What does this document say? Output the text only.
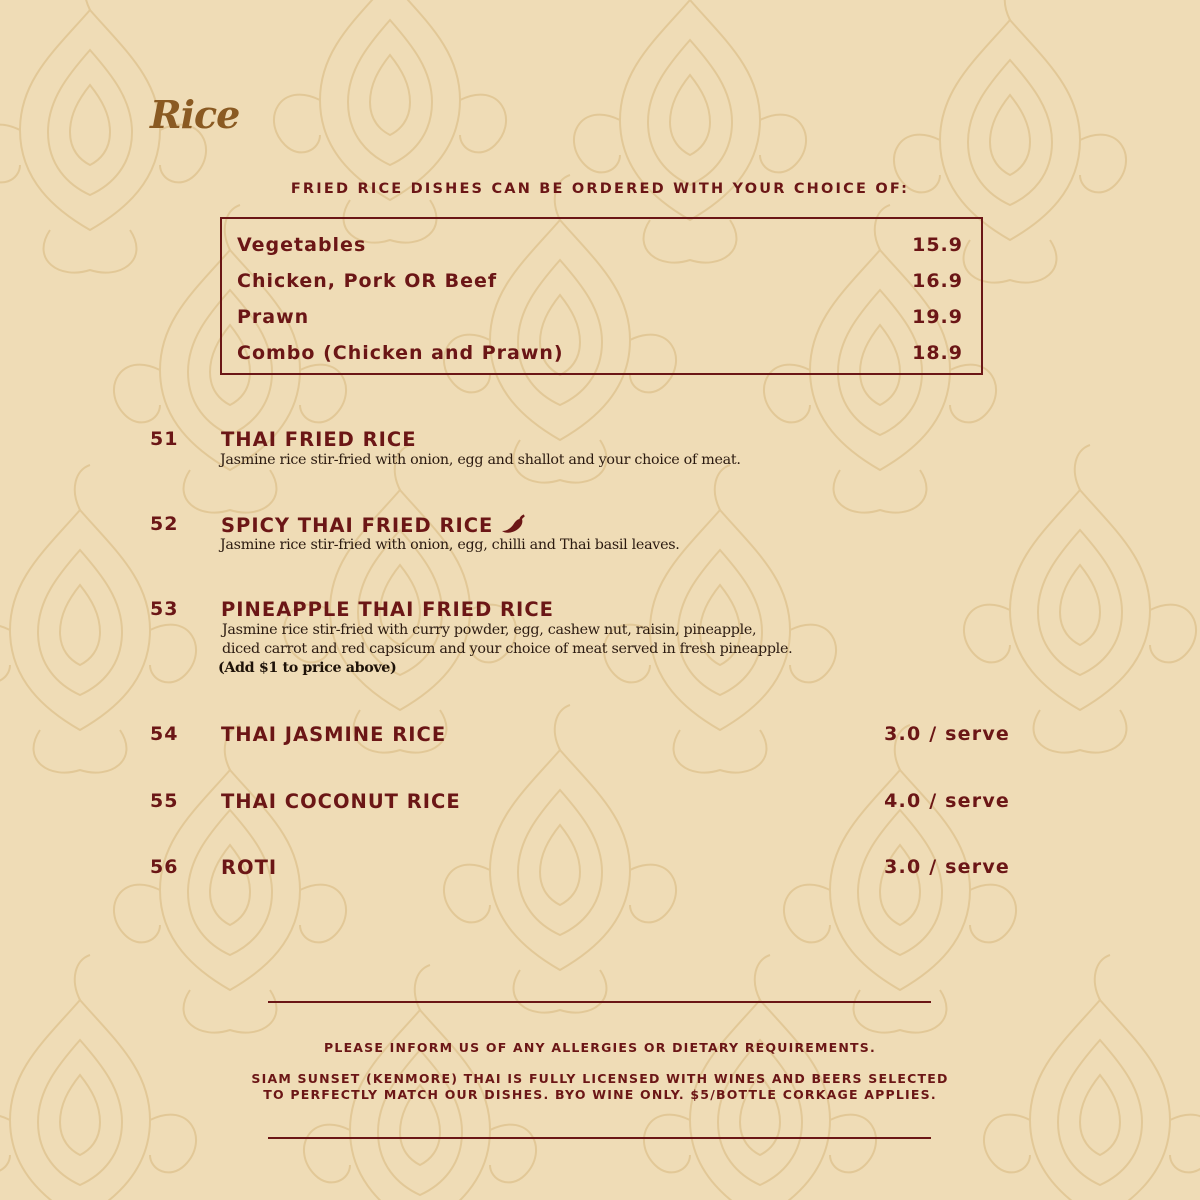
Rice
FRIED RICE DISHES CAN BE ORDERED WITH YOUR CHOICE OF:
Vegetables	15.9
Chicken, Pork OR Beef	16.9
Prawn	19.9
Combo (Chicken and Prawn)	18.9
51 THAI FRIED RICE
Jasmine rice stir-fried with onion, egg and shallot and your choice of meat.
52 SPICY THAI FRIED RICE
Jasmine rice stir-fried with onion, egg, chilli and Thai basil leaves.
53 PINEAPPLE THAI FRIED RICE
Jasmine rice stir-fried with curry powder, egg, cashew nut, raisin, pineapple,
diced carrot and red capsicum and your choice of meat served in fresh pineapple.
(Add $1 to price above)
54 THAI JASMINE RICE	3.0 / serve
55 THAI COCONUT RICE	4.0 / serve
56 ROTI	3.0 / serve
PLEASE INFORM US OF ANY ALLERGIES OR DIETARY REQUIREMENTS.
SIAM SUNSET (KENMORE) THAI IS FULLY LICENSED WITH WINES AND BEERS SELECTED
TO PERFECTLY MATCH OUR DISHES. BYO WINE ONLY. $5/BOTTLE CORKAGE APPLIES.
